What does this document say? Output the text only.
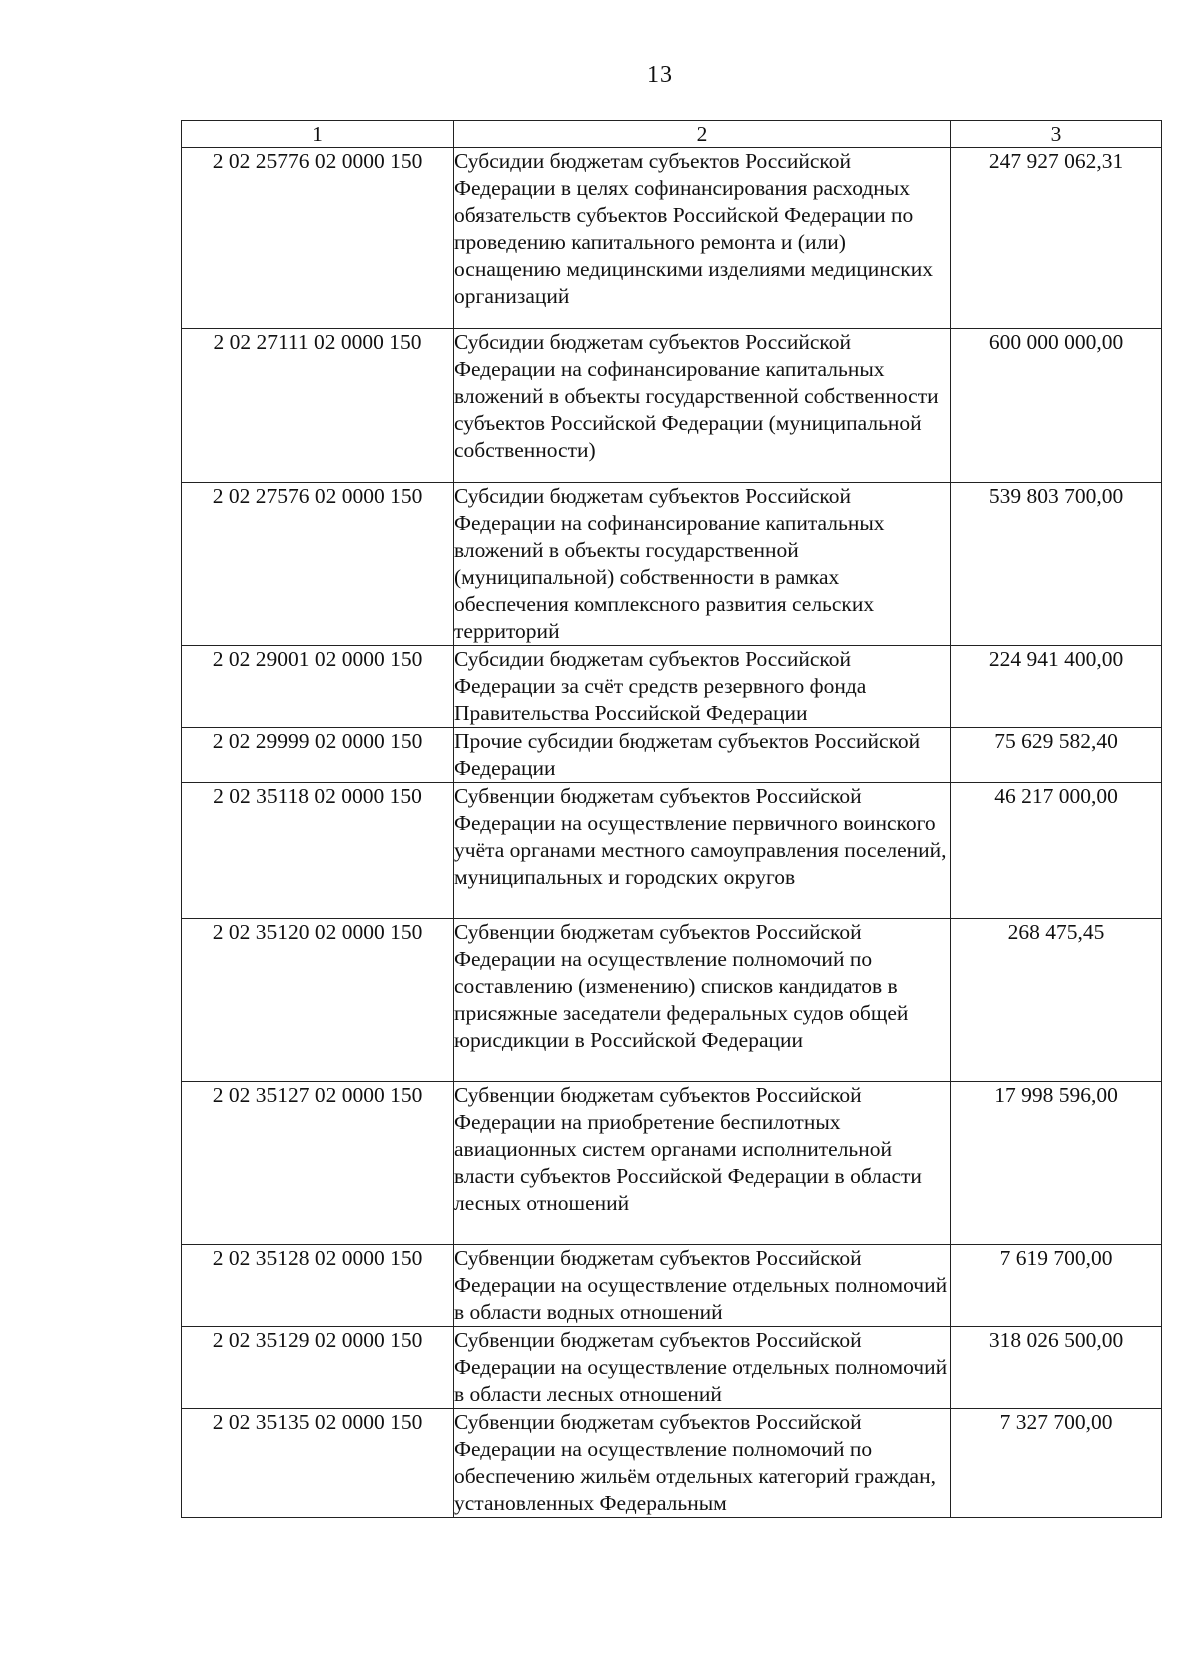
13
1	2	3
2 02 25776 02 0000 150	Субсидии бюджетам субъектов Российской Федерации в целях софинансирования расходных обязательств субъектов Российской Федерации по проведению капитального ремонта и (или) оснащению медицинскими изделиями медицинских организаций	247 927 062,31
2 02 27111 02 0000 150	Субсидии бюджетам субъектов Российской Федерации на софинансирование капитальных вложений в объекты государственной собственности субъектов Российской Федерации (муниципальной собственности)	600 000 000,00
2 02 27576 02 0000 150	Субсидии бюджетам субъектов Российской Федерации на софинансирование капитальных вложений в объекты государственной (муниципальной) собственности в рамках обеспечения комплексного развития сельских территорий	539 803 700,00
2 02 29001 02 0000 150	Субсидии бюджетам субъектов Российской Федерации за счёт средств резервного фонда Правительства Российской Федерации	224 941 400,00
2 02 29999 02 0000 150	Прочие субсидии бюджетам субъектов Российской Федерации	75 629 582,40
2 02 35118 02 0000 150	Субвенции бюджетам субъектов Российской Федерации на осуществление первичного воинского учёта органами местного самоуправления поселений, муниципальных и городских округов	46 217 000,00
2 02 35120 02 0000 150	Субвенции бюджетам субъектов Российской Федерации на осуществление полномочий по составлению (изменению) списков кандидатов в присяжные заседатели федеральных судов общей юрисдикции в Российской Федерации	268 475,45
2 02 35127 02 0000 150	Субвенции бюджетам субъектов Российской Федерации на приобретение беспилотных авиационных систем органами исполнительной власти субъектов Российской Федерации в области лесных отношений	17 998 596,00
2 02 35128 02 0000 150	Субвенции бюджетам субъектов Российской Федерации на осуществление отдельных полномочий в области водных отношений	7 619 700,00
2 02 35129 02 0000 150	Субвенции бюджетам субъектов Российской Федерации на осуществление отдельных полномочий в области лесных отношений	318 026 500,00
2 02 35135 02 0000 150	Субвенции бюджетам субъектов Российской Федерации на осуществление полномочий по обеспечению жильём отдельных категорий граждан, установленных Федеральным	7 327 700,00
